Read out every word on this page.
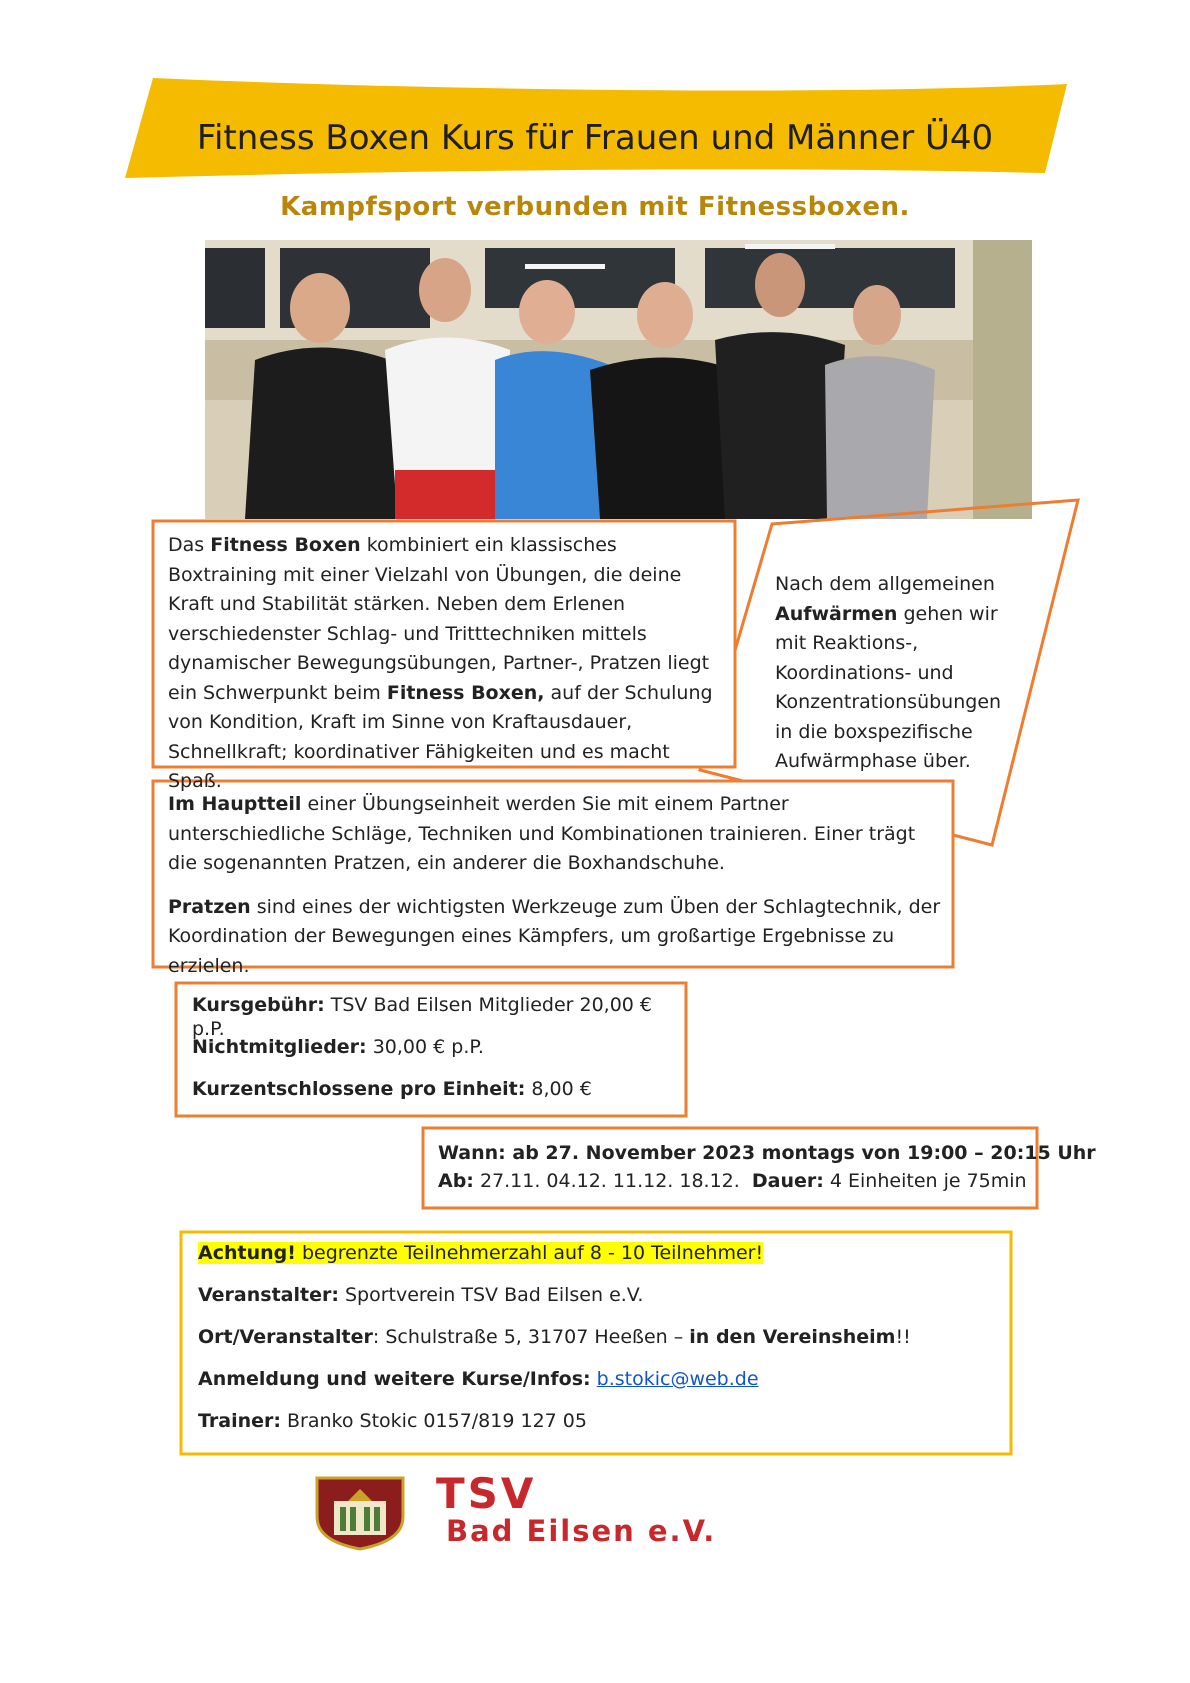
Fitness Boxen Kurs für Frauen und Männer Ü40
Kampfsport verbunden mit Fitnessboxen.
Das Fitness Boxen kombiniert ein klassisches Boxtraining mit einer Vielzahl von Übungen, die deine Kraft und Stabilität stärken. Neben dem Erlenen verschiedenster Schlag- und Tritttechniken mittels dynamischer Bewegungsübungen, Partner-, Pratzen liegt ein Schwerpunkt beim Fitness Boxen, auf der Schulung von Kondition, Kraft im Sinne von Kraftausdauer, Schnellkraft; koordinativer Fähigkeiten und es macht Spaß.
Nach dem allgemeinen Aufwärmen gehen wir mit Reaktions-, Koordinations- und Konzentrationsübungen in die boxspezifische Aufwärmphase über.

Im Hauptteil einer Übungseinheit werden Sie mit einem Partner unterschiedliche Schläge, Techniken und Kombinationen trainieren. Einer trägt die sogenannten Pratzen, ein anderer die Boxhandschuhe.

Pratzen sind eines der wichtigsten Werkzeuge zum Üben der Schlagtechnik, der Koordination der Bewegungen eines Kämpfers, um großartige Ergebnisse zu erzielen.

Kursgebühr: TSV Bad Eilsen Mitglieder 20,00 € p.P.

Nichtmitglieder: 30,00 € p.P.

Kurzentschlossene pro Einheit: 8,00 €

Wann: ab 27. November 2023 montags von 19:00 – 20:15 Uhr

Ab: 27.11. 04.12. 11.12. 18.12.  Dauer: 4 Einheiten je 75min

Achtung! begrenzte Teilnehmerzahl auf 8 - 10 Teilnehmer!

Veranstalter: Sportverein TSV Bad Eilsen e.V.

Ort/Veranstalter: Schulstraße 5, 31707 Heeßen – in den Vereinsheim!!

Anmeldung und weitere Kurse/Infos: b.stokic@web.de

Trainer: Branko Stokic 0157/819 127 05

TSV
Bad Eilsen e.V.
